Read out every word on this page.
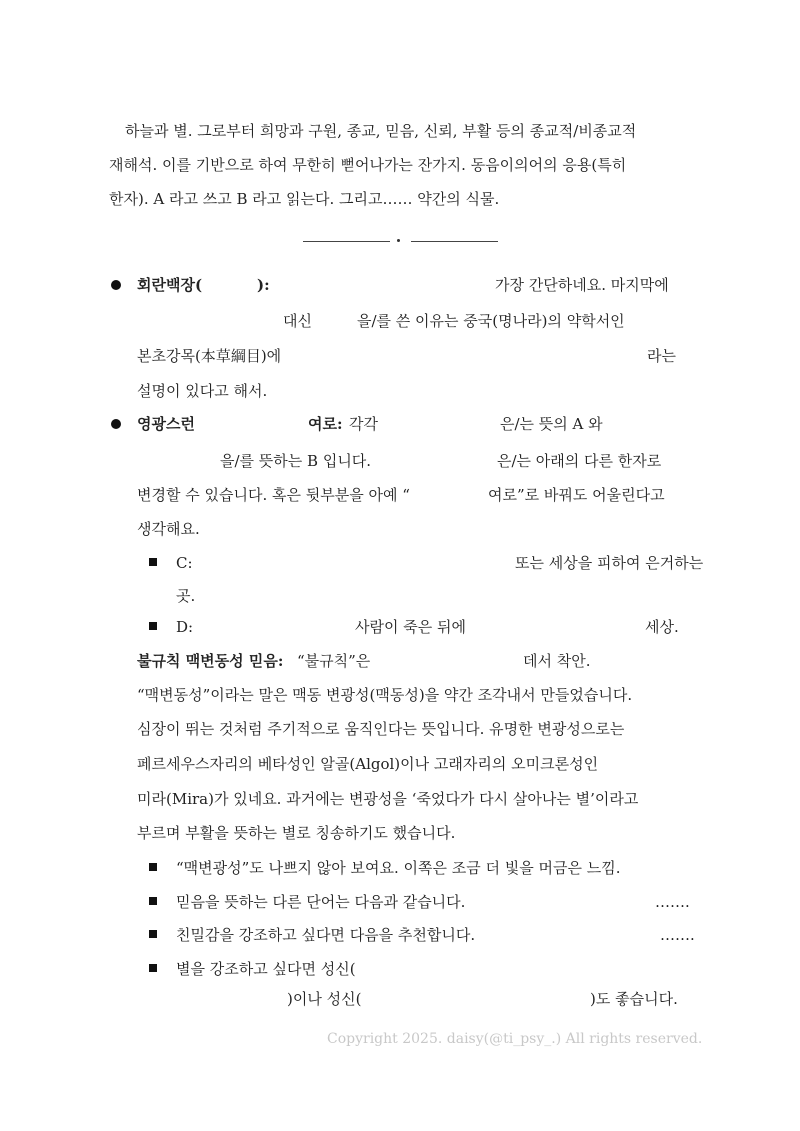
하늘과 별. 그로부터 희망과 구원, 종교, 믿음, 신뢰, 부활 등의 종교적/비종교적
재해석. 이를 기반으로 하여 무한히 뻗어나가는 잔가지. 동음이의어의 응용(특히
한자). A 라고 쓰고 B 라고 읽는다. 그리고…… 약간의 식물.
회란백장(	):	가장 간단하네요. 마지막에
대신	을/를 쓴 이유는 중국(명나라)의 약학서인
본초강목(本草綱目)에	라는
설명이 있다고 해서.
영광스런	여로: 각각	은/는 뜻의 A 와
을/를 뜻하는 B 입니다.	은/는 아래의 다른 한자로
변경할 수 있습니다. 혹은 뒷부분을 아예 “	여로”로 바꿔도 어울린다고
생각해요.
C:	또는 세상을 피하여 은거하는
곳.
D:	사람이 죽은 뒤에	세상.
불규칙 맥변동성 믿음: “불규칙”은	데서 착안.
“맥변동성”이라는 말은 맥동 변광성(맥동성)을 약간 조각내서 만들었습니다.
심장이 뛰는 것처럼 주기적으로 움직인다는 뜻입니다. 유명한 변광성으로는
페르세우스자리의 베타성인 알골(Algol)이나 고래자리의 오미크론성인
미라(Mira)가 있네요. 과거에는 변광성을 ‘죽었다가 다시 살아나는 별’이라고
부르며 부활을 뜻하는 별로 칭송하기도 했습니다.
“맥변광성”도 나쁘지 않아 보여요. 이쪽은 조금 더 빛을 머금은 느낌.
믿음을 뜻하는 다른 단어는 다음과 같습니다.	…….
친밀감을 강조하고 싶다면 다음을 추천합니다.	…….
별을 강조하고 싶다면 성신(
)이나 성신(	)도 좋습니다.
Copyright 2025. daisy(@ti_psy_.) All rights reserved.
